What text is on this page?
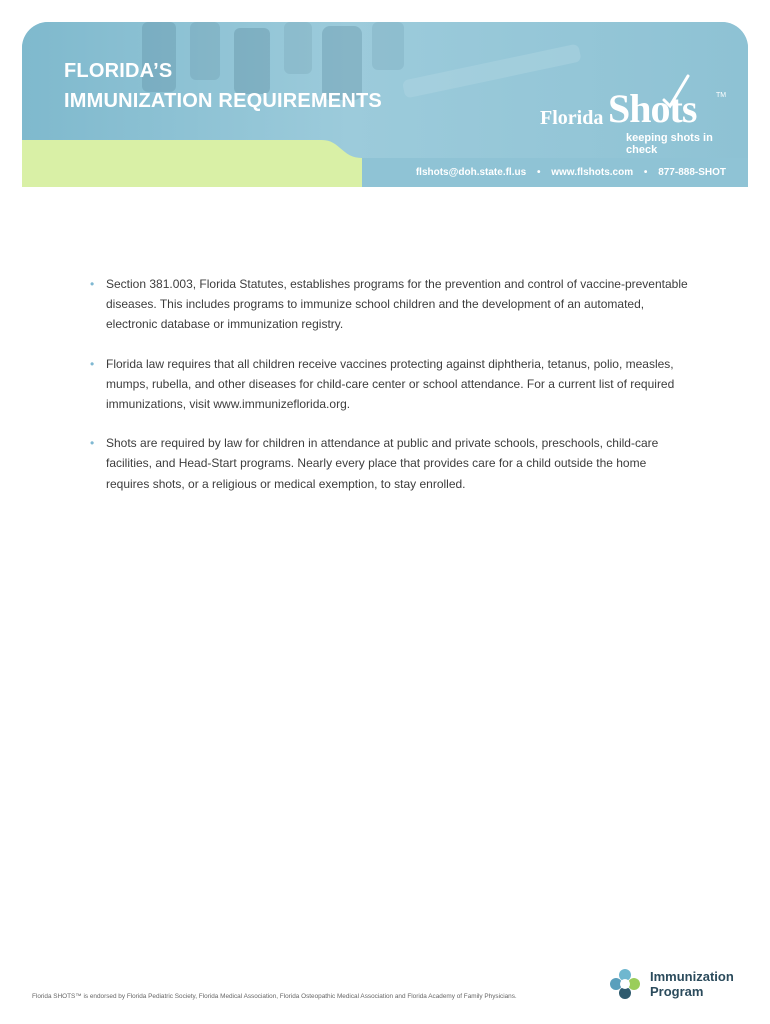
FLORIDA’S
IMMUNIZATION REQUIREMENTS
Florida Shots	TM
keeping shots in check
flshots@doh.state.fl.us • www.flshots.com • 877-888-SHOT

• Section 381.003, Florida Statutes, establishes programs for the prevention and control of vaccine-preventable diseases. This includes programs to immunize school children and the development of an automated, electronic database or immunization registry.

• Florida law requires that all children receive vaccines protecting against diphtheria, tetanus, polio, measles, mumps, rubella, and other diseases for child-care center or school attendance. For a current list of required immunizations, visit www.immunizeflorida.org.

• Shots are required by law for children in attendance at public and private schools, preschools, child-care facilities, and Head-Start programs. Nearly every place that provides care for a child outside the home requires shots, or a religious or medical exemption, to stay enrolled.

Florida SHOTS™ is endorsed by Florida Pediatric Society, Florida Medical Association, Florida Osteopathic Medical Association and Florida Academy of Family Physicians.
Immunization
Program
